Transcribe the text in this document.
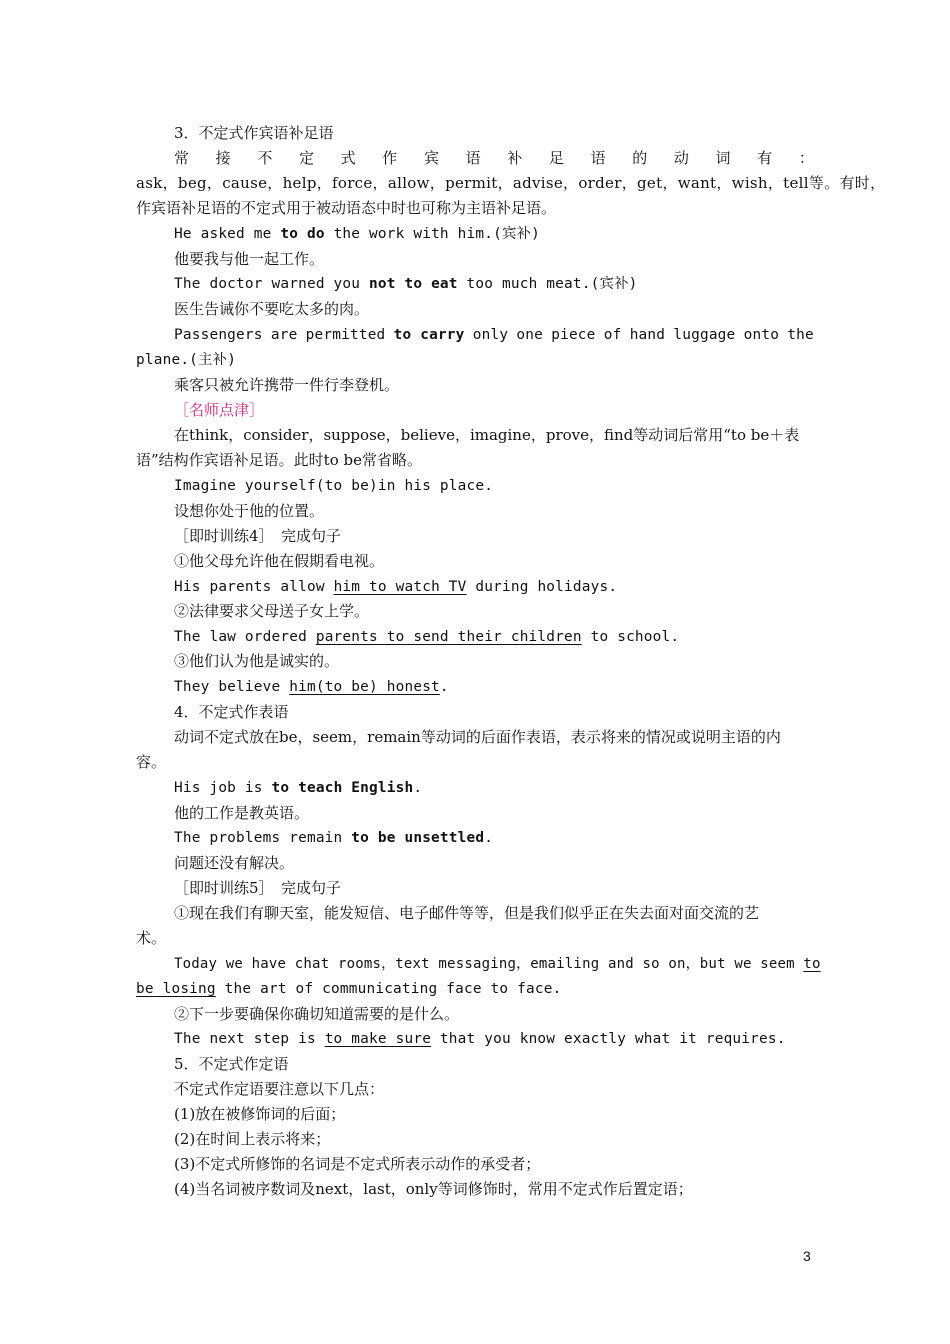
3．不定式作宾语补足语
常 接 不 定 式 作 宾 语 补 足 语 的 动 词 有 ：
ask，beg，cause，help，force，allow，permit，advise，order，get，want，wish，tell等。有时，
作宾语补足语的不定式用于被动语态中时也可称为主语补足语。
He asked me to do the work with him.(宾补)
他要我与他一起工作。
The doctor warned you not to eat too much meat.(宾补)
医生告诫你不要吃太多的肉。
Passengers are permitted to carry only one piece of hand luggage onto the
plane.(主补)
乘客只被允许携带一件行李登机。
［名师点津］
在think，consider，suppose，believe，imagine，prove，find等动词后常用“to be＋表
语”结构作宾语补足语。此时to be常省略。
Imagine yourself(to be)in his place.
设想你处于他的位置。
［即时训练4］　完成句子
①他父母允许他在假期看电视。
His parents allow him to watch TV during holidays.
②法律要求父母送子女上学。
The law ordered parents to send their children to school.
③他们认为他是诚实的。
They believe him(to be) honest.
4．不定式作表语
动词不定式放在be，seem，remain等动词的后面作表语，表示将来的情况或说明主语的内
容。
His job is to teach English.
他的工作是教英语。
The problems remain to be unsettled.
问题还没有解决。
［即时训练5］　完成句子
①现在我们有聊天室，能发短信、电子邮件等等，但是我们似乎正在失去面对面交流的艺
术。
Today we have chat rooms，text messaging，emailing and so on，but we seem to
be losing the art of communicating face to face.
②下一步要确保你确切知道需要的是什么。
The next step is to make sure that you know exactly what it requires.
5．不定式作定语
不定式作定语要注意以下几点：
(1)放在被修饰词的后面；
(2)在时间上表示将来；
(3)不定式所修饰的名词是不定式所表示动作的承受者；
(4)当名词被序数词及next，last，only等词修饰时，常用不定式作后置定语；
3
